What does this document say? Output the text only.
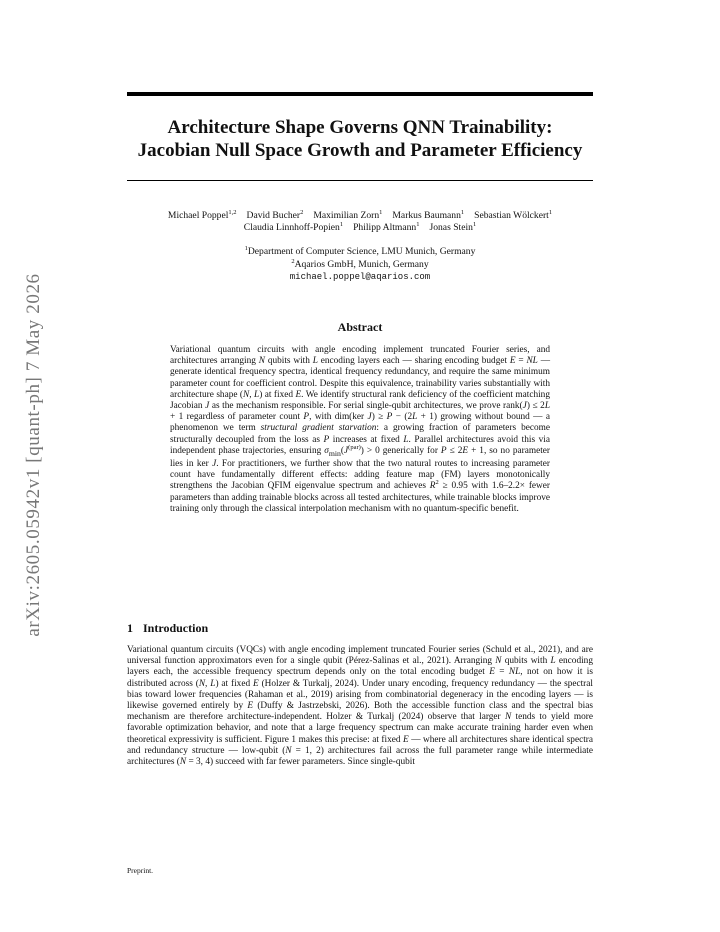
arXiv:2605.05942v1 [quant-ph] 7 May 2026
Architecture Shape Governs QNN Trainability:
Jacobian Null Space Growth and Parameter Efficiency
Michael Poppel$^{1,2}$ David Bucher$^2$ Maximilian Zorn$^1$ Markus Baumann$^1$ Sebastian Wölckert$^1$
Claudia Linnhoff-Popien$^1$ Philipp Altmann$^1$ Jonas Stein$^1$
$^1$Department of Computer Science, LMU Munich, Germany
$^2$Aqarios GmbH, Munich, Germany
michael.poppel@aqarios.com
Abstract
Variational quantum circuits with angle encoding implement truncated Fourier series, and architectures arranging N qubits with L encoding layers each — sharing encoding budget E = NL — generate identical frequency spectra, identical frequency redundancy, and require the same minimum parameter count for coefficient control. Despite this equivalence, trainability varies substantially with architecture shape (N, L) at fixed E. We identify structural rank deficiency of the coefficient matching Jacobian J as the mechanism responsible. For serial single-qubit architectures, we prove rank(J) ≤ 2L + 1 regardless of parameter count P, with dim(ker J) ≥ P − (2L + 1) growing without bound — a phenomenon we term structural gradient starvation: a growing fraction of parameters become structurally decoupled from the loss as P increases at fixed L. Parallel architectures avoid this via independent phase trajectories, ensuring $\sigma_{min}(J^{(par)}) > 0$ generically for P ≤ 2E + 1, so no parameter lies in ker J. For practitioners, we further show that the two natural routes to increasing parameter count have fundamentally different effects: adding feature map (FM) layers monotonically strengthens the Jacobian QFIM eigenvalue spectrum and achieves $R^2 \ge 0.95$ with 1.6–2.2× fewer parameters than adding trainable blocks across all tested architectures, while trainable blocks improve training only through the classical interpolation mechanism with no quantum-specific benefit.
1 Introduction
Variational quantum circuits (VQCs) with angle encoding implement truncated Fourier series (Schuld et al., 2021), and are universal function approximators even for a single qubit (Pérez-Salinas et al., 2021). Arranging N qubits with L encoding layers each, the accessible frequency spectrum depends only on the total encoding budget E = NL, not on how it is distributed across (N, L) at fixed E (Holzer & Turkalj, 2024). Under unary encoding, frequency redundancy — the spectral bias toward lower frequencies (Rahaman et al., 2019) arising from combinatorial degeneracy in the encoding layers — is likewise governed entirely by E (Duffy & Jastrzebski, 2026). Both the accessible function class and the spectral bias mechanism are therefore architecture-independent. Holzer & Turkalj (2024) observe that larger N tends to yield more favorable optimization behavior, and note that a large frequency spectrum can make accurate training harder even when theoretical expressivity is sufficient. Figure 1 makes this precise: at fixed E — where all architectures share identical spectra and redundancy structure — low-qubit (N = 1, 2) architectures fail across the full parameter range while intermediate architectures (N = 3, 4) succeed with far fewer parameters. Since single-qubit
Preprint.
